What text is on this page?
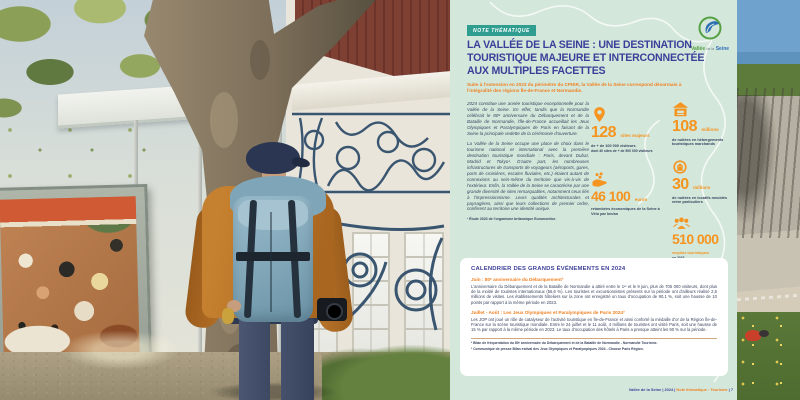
NOTE THÉMATIQUE
Vallée de la Seine
LA VALLÉE DE LA SEINE : UNE DESTINATION
TOURISTIQUE MAJEURE ET INTERCONNECTÉE
AUX MULTIPLES FACETTES

Suite à l'extension en 2023 du périmètre du CPIER, la Vallée de la Seine correspond désormais à l'intégralité des régions Île-de-France et Normandie.

2024 constitue une année touristique exceptionnelle pour la Vallée de la Seine. En effet, tandis que la Normandie célébrait le 80ᵉ anniversaire du Débarquement et de la Bataille de Normandie, l'Île-de-France accueillait les Jeux Olympiques et Paralympiques de Paris en faisant de la Seine la principale vedette de la cérémonie d'ouverture.

La Vallée de la Seine occupe une place de choix dans le tourisme national et international avec la première destination touristique mondiale : Paris, devant Dubaï, Madrid et Tokyo¹. D'autre part, les nombreuses infrastructures de transports de voyageurs (aéroports, gares, ports de croisières, escales fluviales, etc.) étaient autant de connexions au sein-même du territoire que vis-à-vis de l'extérieur. Enfin, la Vallée de la Seine se caractérise par une grande diversité de sites remarquables, notamment ceux liés à l'impressionnisme. Leurs qualités architecturales et paysagères, ainsi que leurs collections de premier ordre, confèrent au territoire une identité unique.

¹ Étude 2023 de l'organisme britannique Euromonitor.

128 sites majeurs
de + de 100 000 visiteurs
dont 40 sites de + de 500 000 visiteurs
46 100 euros
retombées économiques de la Seine à Vélo par km/an
108 millions
de nuitées en hébergements touristiques marchands
30 millions
de nuitées en locatifs meublés entre particuliers
510 000
emplois touristiques
CALENDRIER DES GRANDS ÉVÉNEMENTS EN 2024
Juin : 80ᵉ anniversaire du Débarquement²

L'anniversaire du Débarquement et de la Bataille de Normandie a attiré entre le 1ᵉʳ et le 9 juin, plus de 705 000 visiteurs, dont plus de la moitié de touristes internationaux (56,6 %). Les touristes et excursionnistes présents sur la période ont d'ailleurs réalisé 2,5 millions de visites. Les établissements hôteliers sur la zone ont enregistré un taux d'occupation de 90,1 %, soit une hausse de 10 points par rapport à la même période en 2023.

Juillet - Août : Les Jeux Olympiques et Paralympiques de Paris 2024³

Les JOP ont joué un rôle de catalyseur de l'activité touristique en Île-de-France et ainsi conforté la médaille d'or de la Région Île-de-France sur la scène touristique mondiale. Entre le 24 juillet et le 11 août, 4 millions de touristes ont visité Paris, soit une hausse de 15 % par rapport à la même période en 2023. Le taux d'occupation des hôtels à Paris a presque atteint les 90 % sur la période.

² Bilan de fréquentation du 80ᵉ anniversaire du Débarquement et de la Bataille de Normandie - Normandie Tourisme.

³ Communiqué de presse Bilan estival des Jeux Olympiques et Paralympiques 2024 - Choose Paris Région.

Vallée de la Seine | 2024 | Note thématique : Tourisme | 7
